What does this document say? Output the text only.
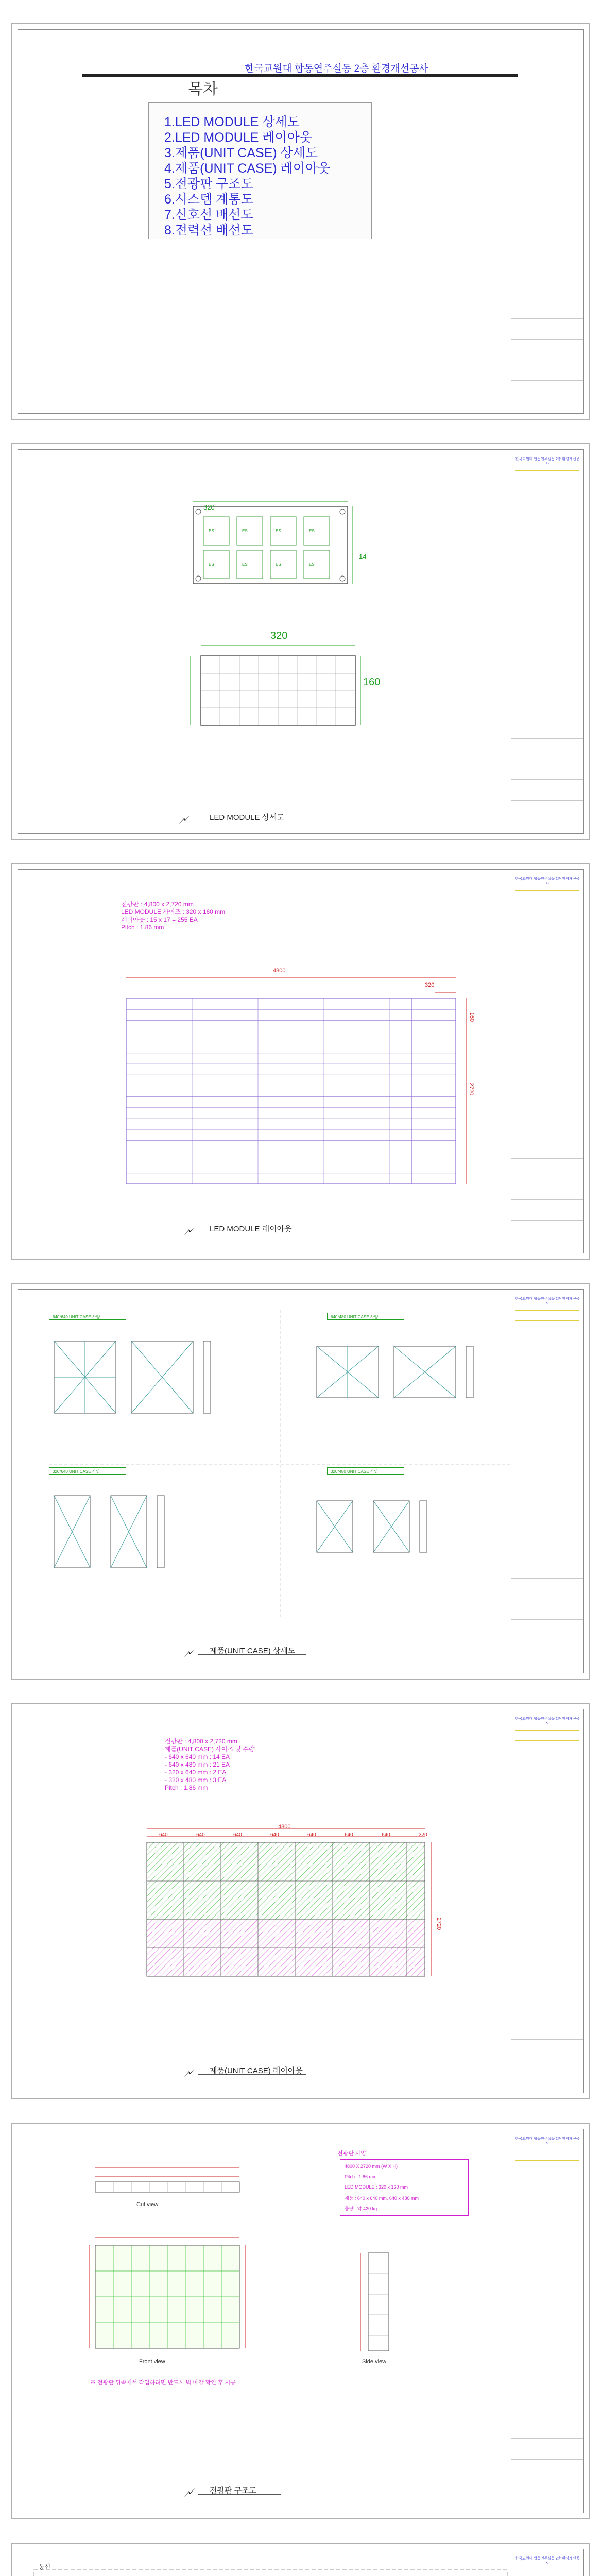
한국교원대 합동연주실동 2층 환경개선공사
목차
1.LED MODULE 상세도
2.LED MODULE 레이아웃
3.제품(UNIT CASE) 상세도
4.제품(UNIT CASE) 레이아웃
5.전광판 구조도
6.시스템 계통도
7.신호선 배선도
8.전력선 배선도
한국교원대 합동연주실동 2층 환경개선공사
ES	ES	ES	ES
ES	ES	ES	ES
320
14
320
160
LED MODULE 상세도
한국교원대 합동연주실동 2층 환경개선공사
전광판 : 4,800 x 2,720 mm
LED MODULE 사이즈 : 320 x 160 mm
레이아웃 : 15 x 17 = 255 EA
Pitch : 1.86 mm
4800
320
160
2720
LED MODULE 레이아웃
한국교원대 합동연주실동 2층 환경개선공사
640*640 UNIT CASE 사양	640*480 UNIT CASE 사양
320*640 UNIT CASE 사양	320*480 UNIT CASE 사양
제품(UNIT CASE) 상세도
한국교원대 합동연주실동 2층 환경개선공사
전광판 : 4,800 x 2,720 mm
제품(UNIT CASE) 사이즈 및 수량
- 640 x 640 mm : 14 EA
- 640 x 480 mm : 21 EA
- 320 x 640 mm : 2 EA
- 320 x 480 mm : 3 EA
Pitch : 1.86 mm
4800
2720
640	640	640	640	640	640	640	320
제품(UNIT CASE) 레이아웃
한국교원대 합동연주실동 2층 환경개선공사
Cut view
Front view	Side view
전광판 사양
4800 X 2720 mm (W X H)
Pitch : 1.86 mm
LED MODULE : 320 x 160 mm
제품 : 640 x 640 mm, 640 x 480 mm
중량 : 약 420 kg
※ 전광판 뒤쪽에서 작업하려면 반드시 벽 마감 확인 후 시공
전광판 구조도
한국교원대 합동연주실동 2층 환경개선공사
통신
